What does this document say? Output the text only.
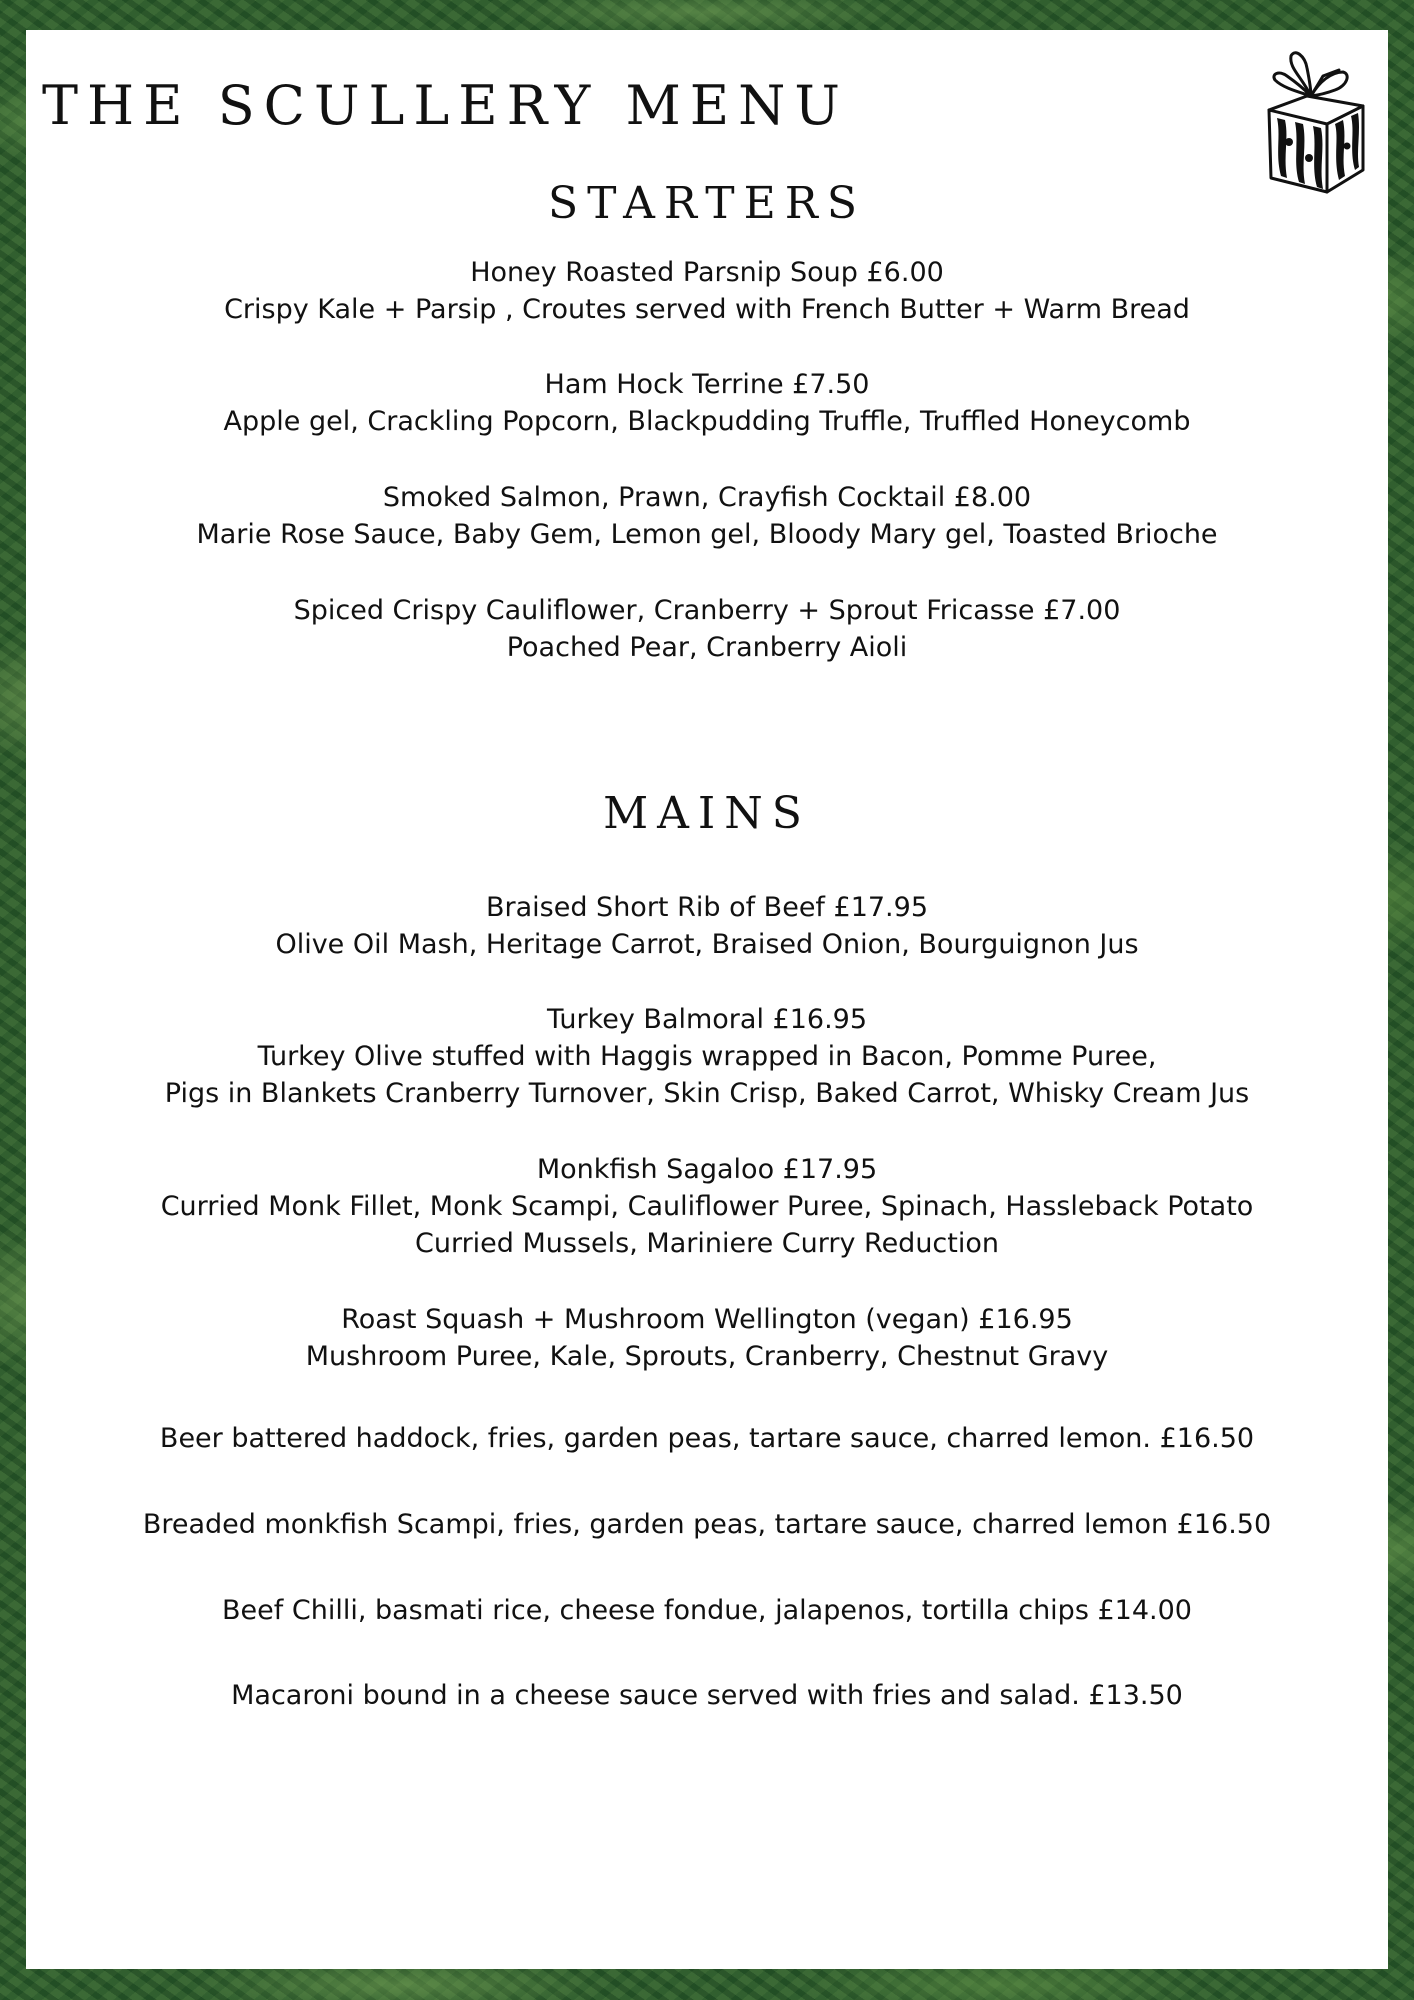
THE SCULLERY MENU
STARTERS
Honey Roasted Parsnip Soup £6.00
Crispy Kale + Parsip , Croutes served with French Butter + Warm Bread
Ham Hock Terrine £7.50
Apple gel, Crackling Popcorn, Blackpudding Truffle, Truffled Honeycomb
Smoked Salmon, Prawn, Crayfish Cocktail £8.00
Marie Rose Sauce, Baby Gem, Lemon gel, Bloody Mary gel, Toasted Brioche
Spiced Crispy Cauliflower, Cranberry + Sprout Fricasse £7.00
Poached Pear, Cranberry Aioli
MAINS
Braised Short Rib of Beef £17.95
Olive Oil Mash, Heritage Carrot, Braised Onion, Bourguignon Jus
Turkey Balmoral £16.95
Turkey Olive stuffed with Haggis wrapped in Bacon, Pomme Puree,
Pigs in Blankets Cranberry Turnover, Skin Crisp, Baked Carrot, Whisky Cream Jus
Monkfish Sagaloo £17.95
Curried Monk Fillet, Monk Scampi, Cauliflower Puree, Spinach, Hassleback Potato
Curried Mussels, Mariniere Curry Reduction
Roast Squash + Mushroom Wellington (vegan) £16.95
Mushroom Puree, Kale, Sprouts, Cranberry, Chestnut Gravy
Beer battered haddock, fries, garden peas, tartare sauce, charred lemon. £16.50
Breaded monkfish Scampi, fries, garden peas, tartare sauce, charred lemon £16.50
Beef Chilli, basmati rice, cheese fondue, jalapenos, tortilla chips £14.00
Macaroni bound in a cheese sauce served with fries and salad. £13.50
